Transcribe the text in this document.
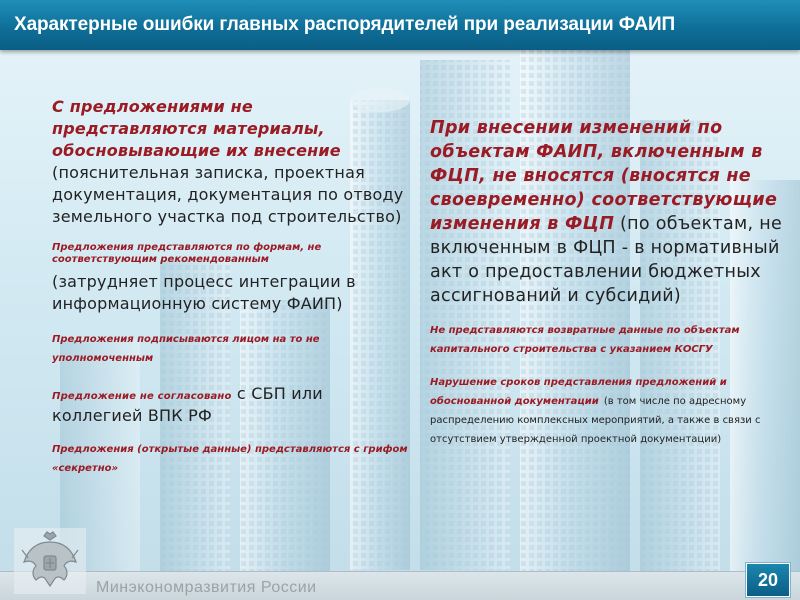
Характерные ошибки главных распорядителей при реализации ФАИП

С предложениями не представляются материалы, обосновывающие их внесение (пояснительная записка, проектная документация, документация по отводу земельного участка под строительство)

Предложения представляются по формам, не соответствующим рекомендованным
(затрудняет процесс интеграции в информационную систему ФАИП)

Предложения подписываются лицом на то не уполномоченным

Предложение не согласовано с СБП или коллегией ВПК РФ

Предложения (открытые данные) представляются с грифом «секретно»

При внесении изменений по объектам ФАИП, включенным в ФЦП, не вносятся (вносятся не своевременно) соответствующие изменения в ФЦП (по объектам, не включенным в ФЦП - в нормативный акт о предоставлении бюджетных ассигнований и субсидий)

Не представляются возвратные данные по объектам капитального строительства с указанием КОСГУ

Нарушение сроков представления предложений и обоснованной документации (в том числе по адресному распределению комплексных мероприятий, а также в связи с отсутствием утвержденной проектной документации)

Минэкономразвития России	20
